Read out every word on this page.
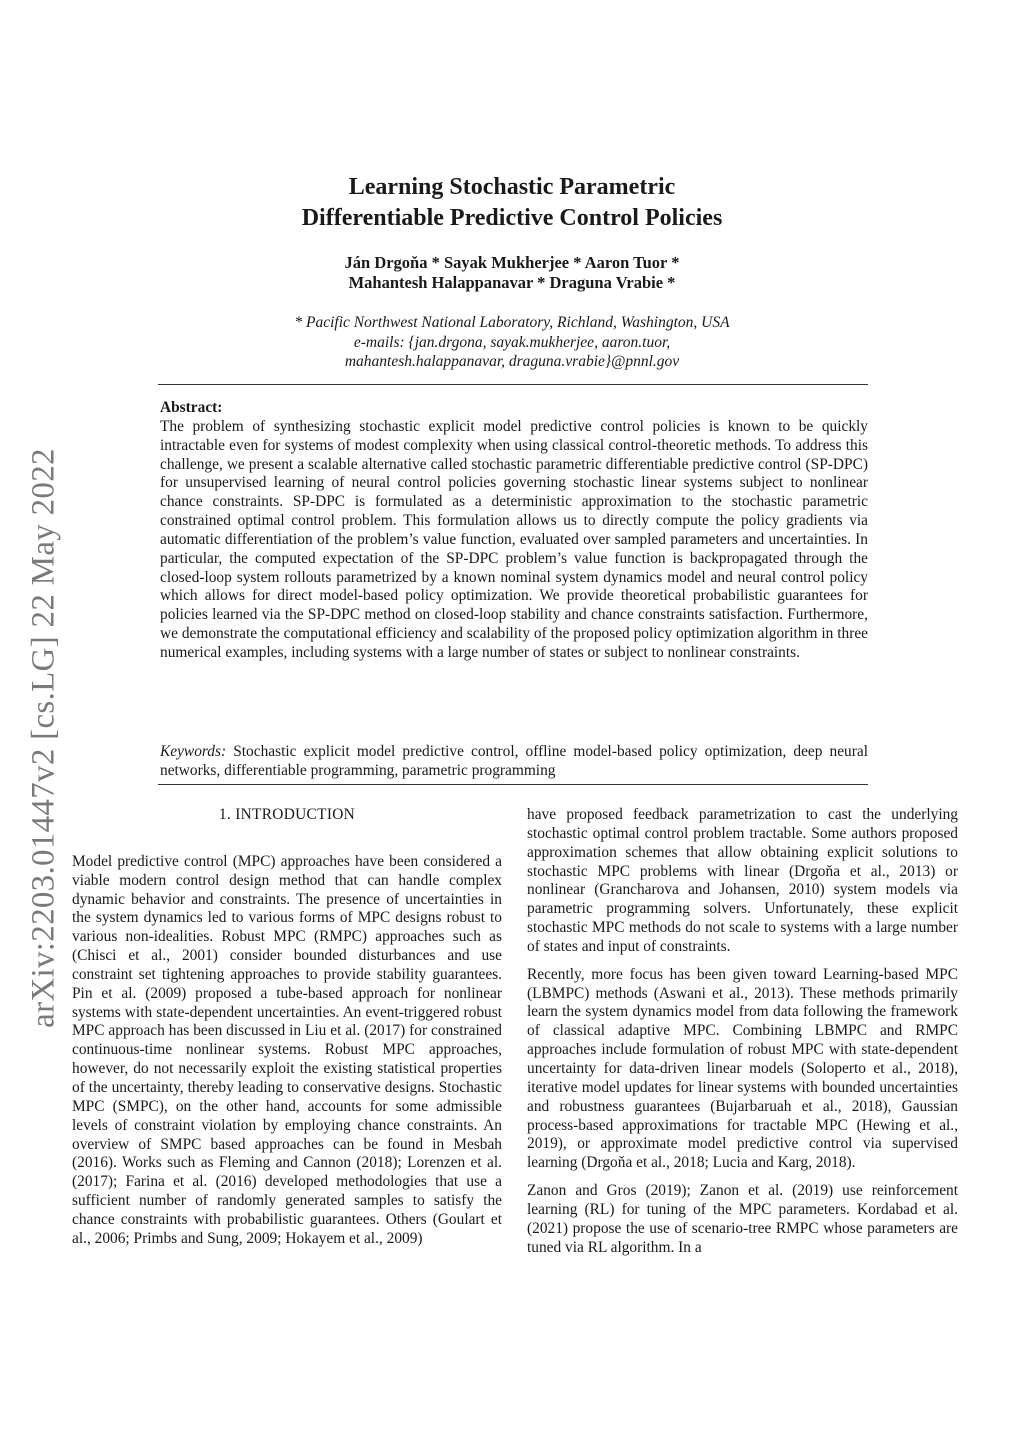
arXiv:2203.01447v2 [cs.LG] 22 May 2022
Learning Stochastic Parametric
Differentiable Predictive Control Policies
Ján Drgoňa * Sayak Mukherjee * Aaron Tuor *
Mahantesh Halappanavar * Draguna Vrabie *
* Pacific Northwest National Laboratory, Richland, Washington, USA
e-mails: {jan.drgona, sayak.mukherjee, aaron.tuor,
mahantesh.halappanavar, draguna.vrabie}@pnnl.gov
Abstract:
The problem of synthesizing stochastic explicit model predictive control policies is known to be quickly intractable even for systems of modest complexity when using classical control-theoretic methods. To address this challenge, we present a scalable alternative called stochastic parametric differentiable predictive control (SP-DPC) for unsupervised learning of neural control policies governing stochastic linear systems subject to nonlinear chance constraints. SP-DPC is formulated as a deterministic approximation to the stochastic parametric constrained optimal control problem. This formulation allows us to directly compute the policy gradients via automatic differentiation of the problem’s value function, evaluated over sampled parameters and uncertainties. In particular, the computed expectation of the SP-DPC problem’s value function is backpropagated through the closed-loop system rollouts parametrized by a known nominal system dynamics model and neural control policy which allows for direct model-based policy optimization. We provide theoretical probabilistic guarantees for policies learned via the SP-DPC method on closed-loop stability and chance constraints satisfaction. Furthermore, we demonstrate the computational efficiency and scalability of the proposed policy optimization algorithm in three numerical examples, including systems with a large number of states or subject to nonlinear constraints.
Keywords: Stochastic explicit model predictive control, offline model-based policy optimization, deep neural networks, differentiable programming, parametric programming
1. INTRODUCTION

Model predictive control (MPC) approaches have been considered a viable modern control design method that can handle complex dynamic behavior and constraints. The presence of uncertainties in the system dynamics led to various forms of MPC designs robust to various non-idealities. Robust MPC (RMPC) approaches such as (Chisci et al., 2001) consider bounded disturbances and use constraint set tightening approaches to provide stability guarantees. Pin et al. (2009) proposed a tube-based approach for nonlinear systems with state-dependent uncertainties. An event-triggered robust MPC approach has been discussed in Liu et al. (2017) for constrained continuous-time nonlinear systems. Robust MPC approaches, however, do not necessarily exploit the existing statistical properties of the uncertainty, thereby leading to conservative designs. Stochastic MPC (SMPC), on the other hand, accounts for some admissible levels of constraint violation by employing chance constraints. An overview of SMPC based approaches can be found in Mesbah (2016). Works such as Fleming and Cannon (2018); Lorenzen et al. (2017); Farina et al. (2016) developed methodologies that use a sufficient number of randomly generated samples to satisfy the chance constraints with probabilistic guarantees. Others (Goulart et al., 2006; Primbs and Sung, 2009; Hokayem et al., 2009)

have proposed feedback parametrization to cast the underlying stochastic optimal control problem tractable. Some authors proposed approximation schemes that allow obtaining explicit solutions to stochastic MPC problems with linear (Drgoňa et al., 2013) or nonlinear (Grancharova and Johansen, 2010) system models via parametric programming solvers. Unfortunately, these explicit stochastic MPC methods do not scale to systems with a large number of states and input of constraints.

Recently, more focus has been given toward Learning-based MPC (LBMPC) methods (Aswani et al., 2013). These methods primarily learn the system dynamics model from data following the framework of classical adaptive MPC. Combining LBMPC and RMPC approaches include formulation of robust MPC with state-dependent uncertainty for data-driven linear models (Soloperto et al., 2018), iterative model updates for linear systems with bounded uncertainties and robustness guarantees (Bujarbaruah et al., 2018), Gaussian process-based approximations for tractable MPC (Hewing et al., 2019), or approximate model predictive control via supervised learning (Drgoňa et al., 2018; Lucia and Karg, 2018).

Zanon and Gros (2019); Zanon et al. (2019) use reinforcement learning (RL) for tuning of the MPC parameters. Kordabad et al. (2021) propose the use of scenario-tree RMPC whose parameters are tuned via RL algorithm. In a
